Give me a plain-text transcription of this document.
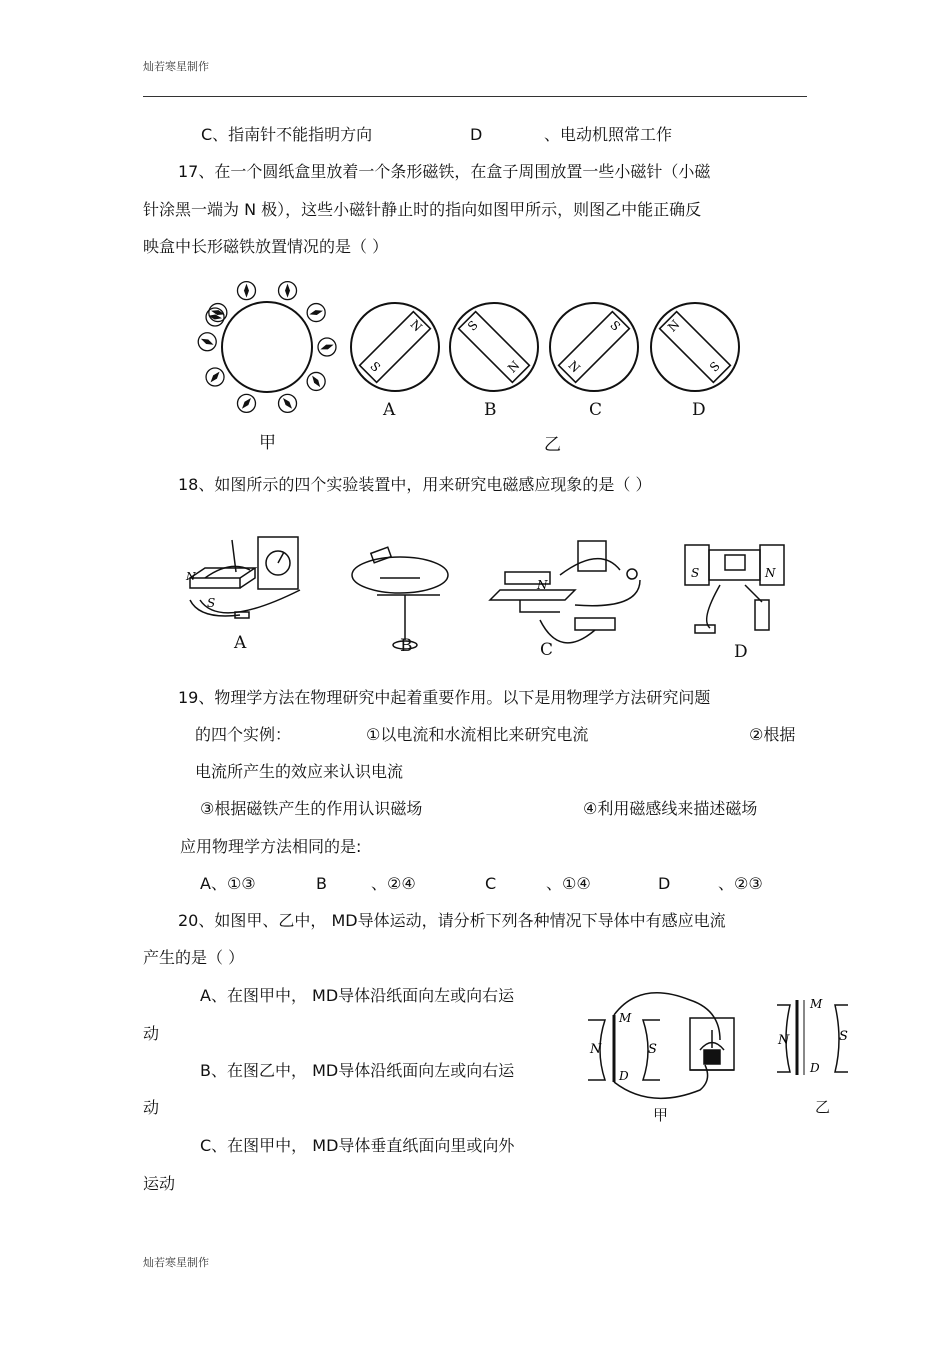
灿若寒星制作
灿若寒星制作
C、指南针不能指明方向	D	、电动机照常工作
17、在一个圆纸盒里放着一个条形磁铁，在盒子周围放置一些小磁针（小磁
针涂黑一端为 N 极），这些小磁针静止时的指向如图甲所示，则图乙中能正确反
映盒中长形磁铁放置情况的是（ ）
N
S
S
N
S
N
N
S
甲	乙
A	B	C	D
18、如图所示的四个实验装置中，用来研究电磁感应现象的是（ ）
N
S
N
S	N
A	B	C	D
19、物理学方法在物理研究中起着重要作用。以下是用物理学方法研究问题
的四个实例：	①以电流和水流相比来研究电流	②根据
电流所产生的效应来认识电流
③根据磁铁产生的作用认识磁场	④利用磁感线来描述磁场
应用物理学方法相同的是:
A、①③	B	、②④	C	、①④	D	、②③
20、如图甲、乙中， MD导体运动，请分析下列各种情况下导体中有感应电流
产生的是（ ）
A、在图甲中， MD导体沿纸面向左或向右运
动
B、在图乙中， MD导体沿纸面向左或向右运
动
C、在图甲中， MD导体垂直纸面向里或向外
运动
N
M
D
S
N
M
D
S
甲	乙
